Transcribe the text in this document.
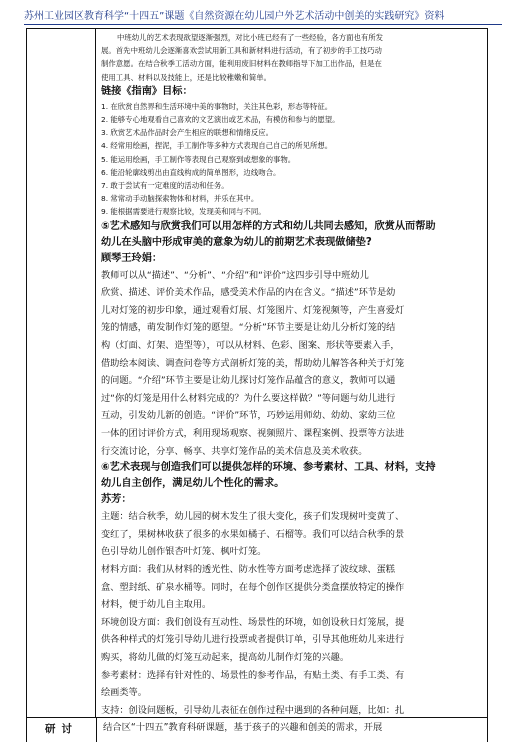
苏州工业园区教育科学“十四五”课题《自然资源在幼儿园户外艺术活动中创美的实践研究》资料

中班幼儿的艺术表现欲望逐渐强烈，对比小班已经有了一些经验，各方面也有所发

展。首先中班幼儿会逐渐喜欢尝试用新工具和新材料进行活动，有了初步的手工技巧动

制作意愿。在结合秋季工活动方面，能利用废旧材料在教师指导下加工出作品，但是在

使用工具、材料以及技能上，还是比较稚嫩和简单。

链接《指南》目标：

1. 在欣赏自然界和生活环境中美的事物时，关注其色彩，形态等特征。

2. 能够专心地观看自己喜欢的文艺演出或艺术品，有模仿和参与的愿望。

3. 欣赏艺术品作品时会产生相应的联想和情绪反应。

4. 经常用绘画，捏泥，手工制作等多种方式表现自己自己的所见所想。

5. 能运用绘画，手工制作等表现自己观察到或想象的事物。

6. 能沿轮廓线剪出由直线构成的简单图形，边线吻合。

7. 敢于尝试有一定难度的活动和任务。

8. 常常动手动脑探索物体和材料，并乐在其中。

9. 能根据需要进行观察比较，发现美和同与不同。

⑤艺术感知与欣赏我们可以用怎样的方式和幼儿共同去感知，欣赏从而帮助

幼儿在头脑中形成审美的意象为幼儿的前期艺术表现做储垫?

顾琴王玲娟：

教师可以从“描述”、“分析”、“介绍”和“评价”这四步引导中班幼儿

欣赏、描述、评价美术作品，感受美术作品的内在含义。“描述”环节是幼

儿对灯笼的初步印象，通过观看灯展、灯笼图片、灯笼视频等，产生喜爱灯

笼的情感，萌发制作灯笼的愿望。“分析”环节主要是让幼儿分析灯笼的结

构（灯面、灯架、造型等），可以从材料、色彩、图案、形状等要素入手，

借助绘本阅读、调查问卷等方式剖析灯笼的美，帮助幼儿解答各种关于灯笼

的问题。“介绍”环节主要是让幼儿探讨灯笼作品蕴含的意义，教师可以通

过“你的灯笼是用什么材料完成的？为什么要这样做？”等问题与幼儿进行

互动，引发幼儿新的创造。“评价”环节，巧妙运用师幼、幼幼、家幼三位

一体的团讨评价方式，利用现场观察、视频照片、课程案例、投票等方法进

行交流讨论，分享、畅享、共享灯笼作品的美术信息及美术收获。

⑥艺术表现与创造我们可以提供怎样的环境、参考素材、工具、材料，支持

幼儿自主创作，满足幼儿个性化的需求。

苏芳：

主题：结合秋季，幼儿园的树木发生了很大变化，孩子们发现树叶变黄了、

变红了，果树林收获了很多的水果如橘子、石榴等。我们可以结合秋季的景

色引导幼儿创作银杏叶灯笼、枫叶灯笼。

材料方面：我们从材料的透光性、防水性等方面考虑选择了波纹球、蛋糕

盒、塑封纸、矿泉水桶等。同时，在每个创作区提供分类盒摆放特定的操作

材料，便于幼儿自主取用。

环境创设方面：我们创设有互动性、场景性的环境，如创设秋日灯笼展，提

供各种样式的灯笼引导幼儿进行投票或者提供订单，引导其他班幼儿来进行

购买，将幼儿做的灯笼互动起来，提高幼儿制作灯笼的兴趣。

参考素材：选择有针对性的、场景性的参考作品，有贴土类、有手工类、有

绘画类等。

支持：创设问题板，引导幼儿表征在创作过程中遇到的各种问题，比如：扎

研讨	结合区“十四五”教育科研课题，基于孩子的兴趣和创美的需求，开展
